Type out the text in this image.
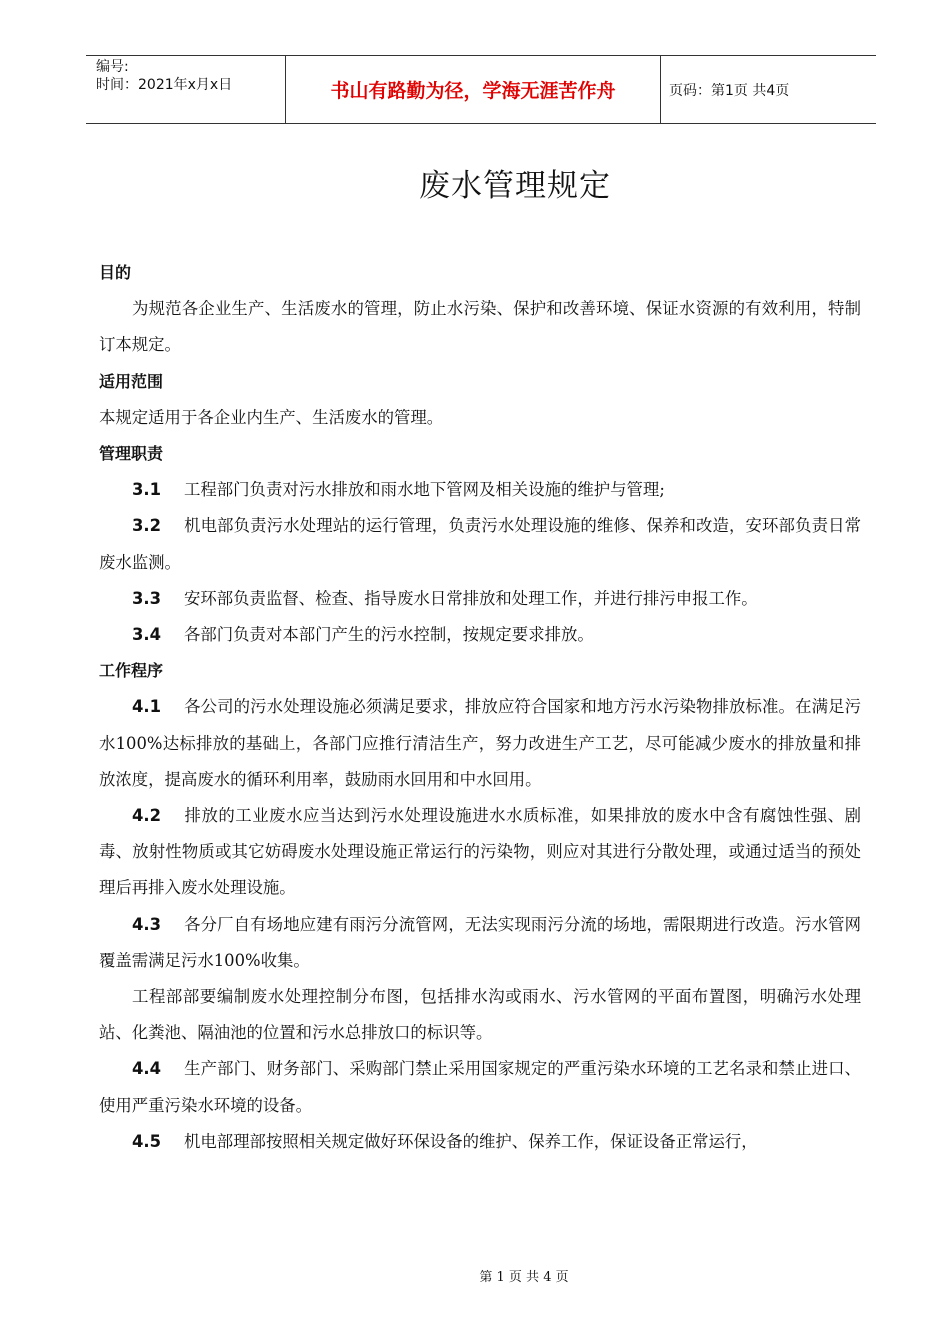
编号:
时间：2021年x月x日	书山有路勤为径，学海无涯苦作舟	页码：第1页 共4页
废水管理规定

目的

为规范各企业生产、生活废水的管理，防止水污染、保护和改善环境、保证水资源的有效利用，特制订本规定。

适用范围

本规定适用于各企业内生产、生活废水的管理。

管理职责

3.1 工程部门负责对污水排放和雨水地下管网及相关设施的维护与管理;

3.2 机电部负责污水处理站的运行管理，负责污水处理设施的维修、保养和改造，安环部负责日常废水监测。

3.3 安环部负责监督、检查、指导废水日常排放和处理工作，并进行排污申报工作。

3.4 各部门负责对本部门产生的污水控制，按规定要求排放。

工作程序

4.1 各公司的污水处理设施必须满足要求，排放应符合国家和地方污水污染物排放标准。在满足污水100%达标排放的基础上，各部门应推行清洁生产，努力改进生产工艺，尽可能减少废水的排放量和排放浓度，提高废水的循环利用率，鼓励雨水回用和中水回用。

4.2 排放的工业废水应当达到污水处理设施进水水质标准，如果排放的废水中含有腐蚀性强、剧毒、放射性物质或其它妨碍废水处理设施正常运行的污染物，则应对其进行分散处理，或通过适当的预处理后再排入废水处理设施。

4.3 各分厂自有场地应建有雨污分流管网，无法实现雨污分流的场地，需限期进行改造。污水管网覆盖需满足污水100%收集。

工程部部要编制废水处理控制分布图，包括排水沟或雨水、污水管网的平面布置图，明确污水处理站、化粪池、隔油池的位置和污水总排放口的标识等。

4.4 生产部门、财务部门、采购部门禁止采用国家规定的严重污染水环境的工艺名录和禁止进口、使用严重污染水环境的设备。

4.5 机电部理部按照相关规定做好环保设备的维护、保养工作，保证设备正常运行，

第 1 页 共 4 页
